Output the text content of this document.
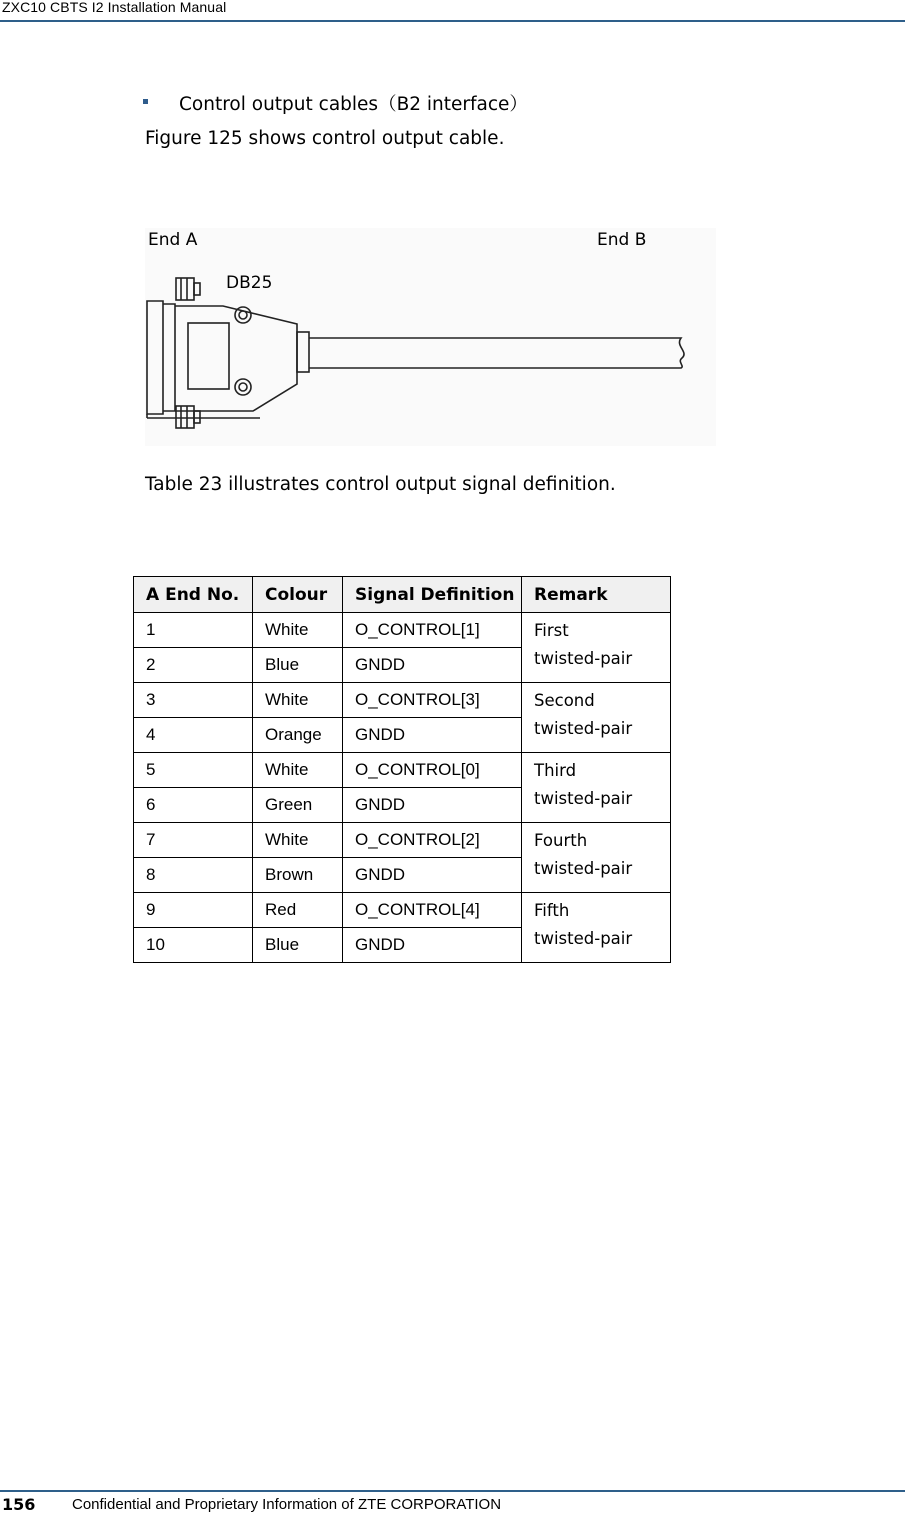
ZXC10 CBTS I2 Installation Manual
Control output cables（B2 interface）
Figure 125 shows control output cable.
End A	End B
DB25
Table 23 illustrates control output signal definition.
A End No.	Colour	Signal Definition	Remark
1	White	O_CONTROL[1]	First
twisted-pair
2	Blue	GNDD	
3	White	O_CONTROL[3]	Second
twisted-pair
4	Orange	GNDD	
5	White	O_CONTROL[0]	Third
twisted-pair
6	Green	GNDD	
7	White	O_CONTROL[2]	Fourth
twisted-pair
8	Brown	GNDD	
9	Red	O_CONTROL[4]	Fifth
twisted-pair
10	Blue	GNDD	
156 Confidential and Proprietary Information of ZTE CORPORATION
